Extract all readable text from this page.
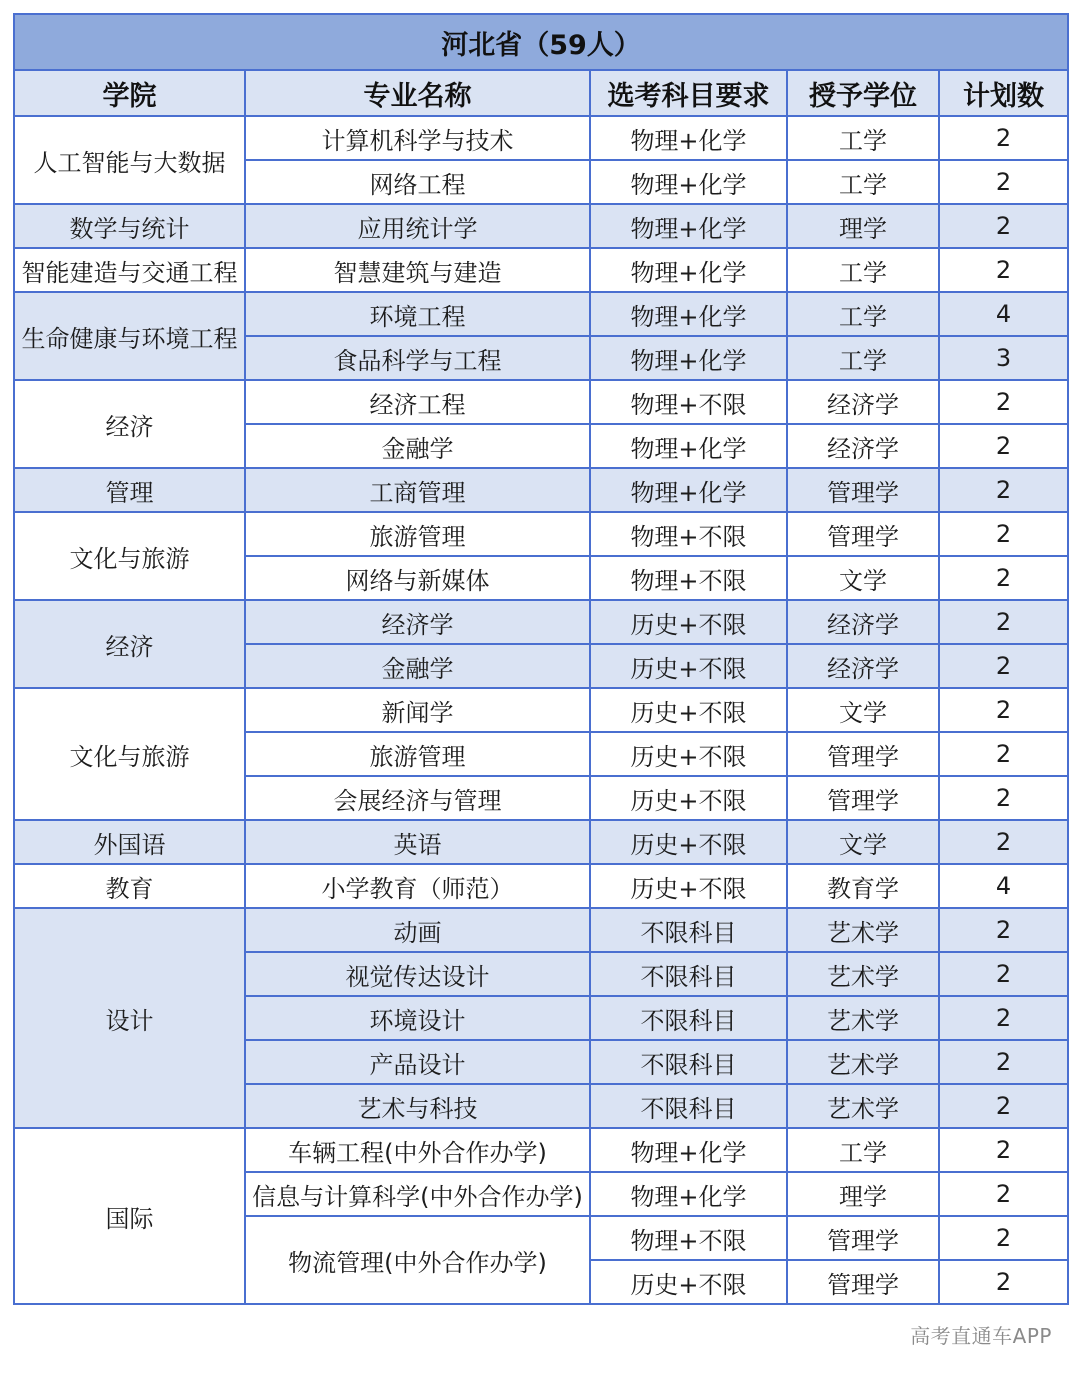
河北省（59人）				
学院	专业名称	选考科目要求	授予学位	计划数
人工智能与大数据	计算机科学与技术	物理+化学	工学	2
	网络工程	物理+化学	工学	2
数学与统计	应用统计学	物理+化学	理学	2
智能建造与交通工程	智慧建筑与建造	物理+化学	工学	2
生命健康与环境工程	环境工程	物理+化学	工学	4
	食品科学与工程	物理+化学	工学	3
经济	经济工程	物理+不限	经济学	2
	金融学	物理+化学	经济学	2
管理	工商管理	物理+化学	管理学	2
文化与旅游	旅游管理	物理+不限	管理学	2
	网络与新媒体	物理+不限	文学	2
经济	经济学	历史+不限	经济学	2
	金融学	历史+不限	经济学	2
文化与旅游	新闻学	历史+不限	文学	2
	旅游管理	历史+不限	管理学	2
	会展经济与管理	历史+不限	管理学	2
外国语	英语	历史+不限	文学	2
教育	小学教育（师范）	历史+不限	教育学	4
设计	动画	不限科目	艺术学	2
	视觉传达设计	不限科目	艺术学	2
	环境设计	不限科目	艺术学	2
	产品设计	不限科目	艺术学	2
	艺术与科技	不限科目	艺术学	2
国际	车辆工程(中外合作办学)	物理+化学	工学	2
	信息与计算科学(中外合作办学)	物理+化学	理学	2
	物流管理(中外合作办学)	物理+不限	管理学	2
		历史+不限	管理学	2
高考直通车APP
